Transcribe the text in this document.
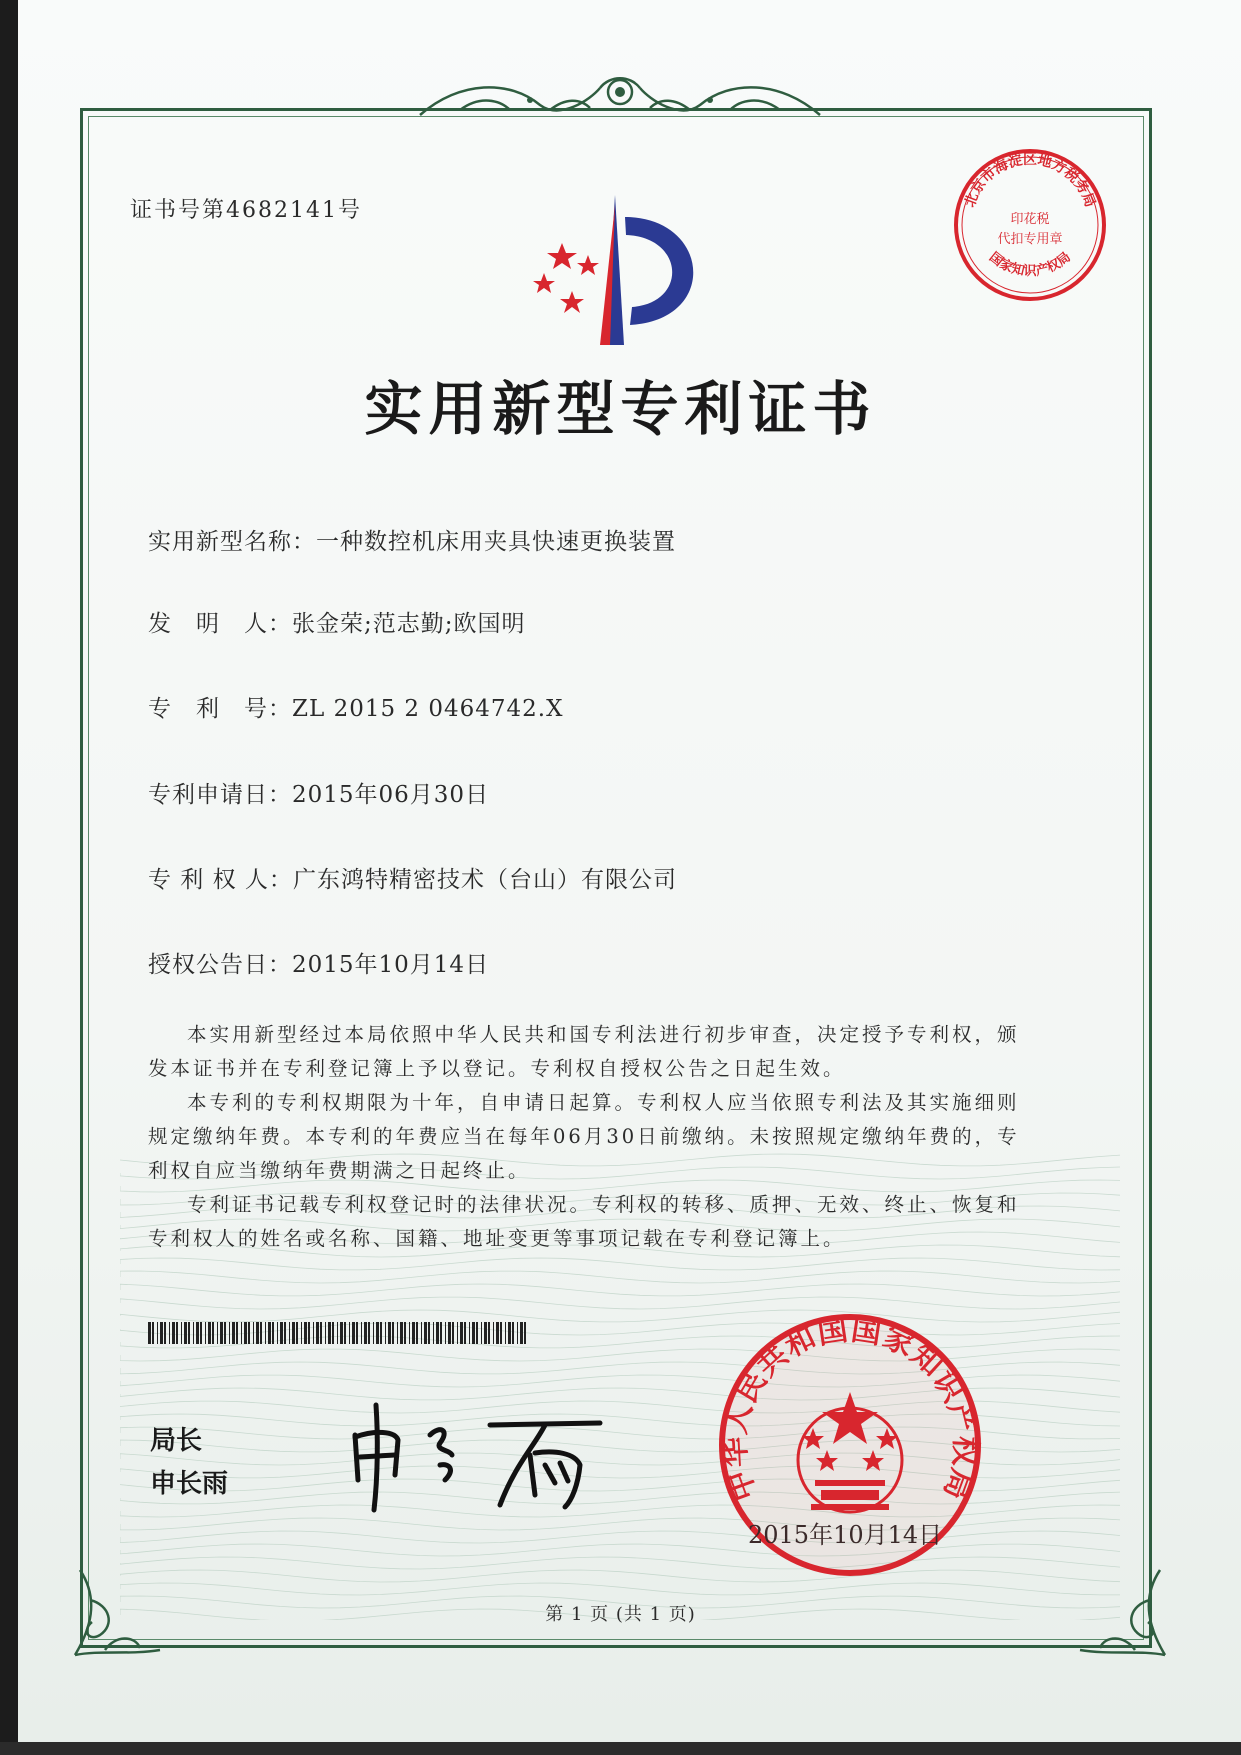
证书号第4682141号	北京市海淀区地方税务局
印花税
代扣专用章
国家知识产权局
实用新型专利证书
实用新型名称：一种数控机床用夹具快速更换装置
发　明　人：张金荣;范志勤;欧国明
专　利　号：ZL 2015 2 0464742.X
专利申请日：2015年06月30日
专 利 权 人：广东鸿特精密技术（台山）有限公司
授权公告日：2015年10月14日

本实用新型经过本局依照中华人民共和国专利法进行初步审查，决定授予专利权，颁发本证书并在专利登记簿上予以登记。专利权自授权公告之日起生效。

本专利的专利权期限为十年，自申请日起算。专利权人应当依照专利法及其实施细则规定缴纳年费。本专利的年费应当在每年06月30日前缴纳。未按照规定缴纳年费的，专利权自应当缴纳年费期满之日起终止。

专利证书记载专利权登记时的法律状况。专利权的转移、质押、无效、终止、恢复和专利权人的姓名或名称、国籍、地址变更等事项记载在专利登记簿上。

局长
申长雨	中华人民共和国国家知识产权局
2015年10月14日
第 1 页 (共 1 页)
